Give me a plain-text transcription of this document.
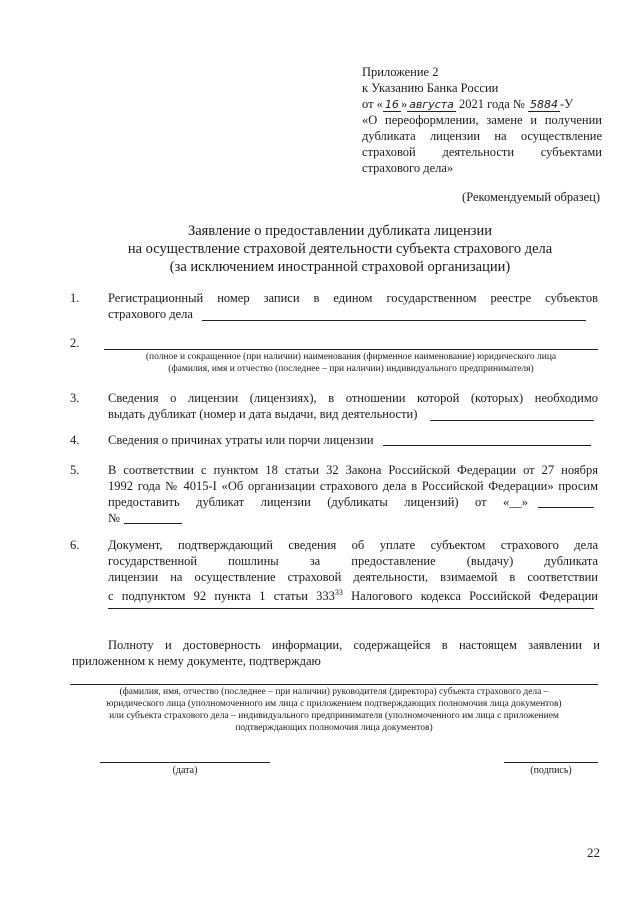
Приложение 2
к Указанию Банка России
от « 16 » августа 2021 года № 5884 -У
«О переоформлении, замене и получении
дубликата лицензии на осуществление
страховой деятельности субъектами
страхового дела»
(Рекомендуемый образец)
Заявление о предоставлении дубликата лицензии
на осуществление страховой деятельности субъекта страхового дела
(за исключением иностранной страховой организации)
1. Регистрационный номер записи в едином государственном реестре субъектов
страхового дела
2.
(полное и сокращенное (при наличии) наименования (фирменное наименование) юридического лица
(фамилия, имя и отчество (последнее – при наличии) индивидуального предпринимателя)
3. Сведения о лицензии (лицензиях), в отношении которой (которых) необходимо
выдать дубликат (номер и дата выдачи, вид деятельности)
4. Сведения о причинах утраты или порчи лицензии
5. В соответствии с пунктом 18 статьи 32 Закона Российской Федерации от 27 ноября
1992 года № 4015-I «Об организации страхового дела в Российской Федерации» просим
предоставить дубликат лицензии (дубликаты лицензий) от «__»
№
6. Документ, подтверждающий сведения об уплате субъектом страхового дела
государственной пошлины за предоставление (выдачу) дубликата
лицензии на осуществление страховой деятельности, взимаемой в соответствии
с подпунктом 92 пункта 1 статьи $333^{33}$ Налогового кодекса Российской Федерации
Полноту и достоверность информации, содержащейся в настоящем заявлении и
приложенном к нему документе, подтверждаю
(фамилия, имя, отчество (последнее – при наличии) руководителя (директора) субъекта страхового дела –
юридического лица (уполномоченного им лица с приложением подтверждающих полномочия лица документов)
или субъекта страхового дела – индивидуального предпринимателя (уполномоченного им лица с приложением
подтверждающих полномочия лица документов)
(дата)	(подпись)
22
